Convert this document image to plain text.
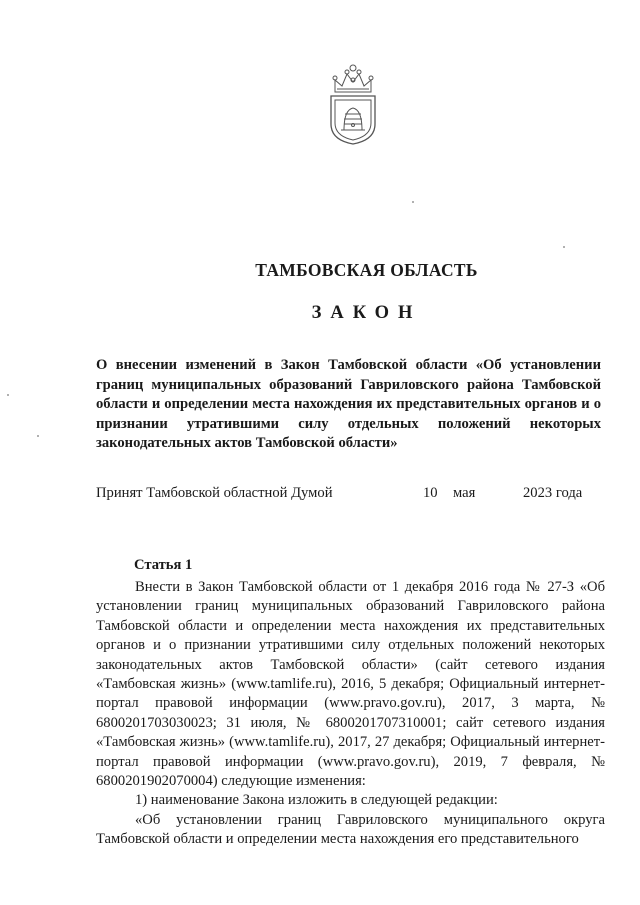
ТАМБОВСКАЯ ОБЛАСТЬ
ЗАКОН
О внесении изменений в Закон Тамбовской области «Об установлении границ муниципальных образований Гавриловского района Тамбовской области и определении места нахождения их представительных органов и о признании утратившими силу отдельных положений некоторых законодательных актов Тамбовской области»
Принят Тамбовской областной Думой	10 мая	2023 года
Статья 1

Внести в Закон Тамбовской области от 1 декабря 2016 года № 27-З «Об установлении границ муниципальных образований Гавриловского района Тамбовской области и определении места нахождения их представительных органов и о признании утратившими силу отдельных положений некоторых законодательных актов Тамбовской области» (сайт сетевого издания «Тамбовская жизнь» (www.tamlife.ru), 2016, 5 декабря; Официальный интернет-портал правовой информации (www.pravo.gov.ru), 2017, 3 марта, № 6800201703030023; 31 июля, № 6800201707310001; сайт сетевого издания «Тамбовская жизнь» (www.tamlife.ru), 2017, 27 декабря; Официальный интернет-портал правовой информации (www.pravo.gov.ru), 2019, 7 февраля, № 6800201902070004) следующие изменения:

1) наименование Закона изложить в следующей редакции:

«Об установлении границ Гавриловского муниципального округа Тамбовской области и определении места нахождения его представительного
